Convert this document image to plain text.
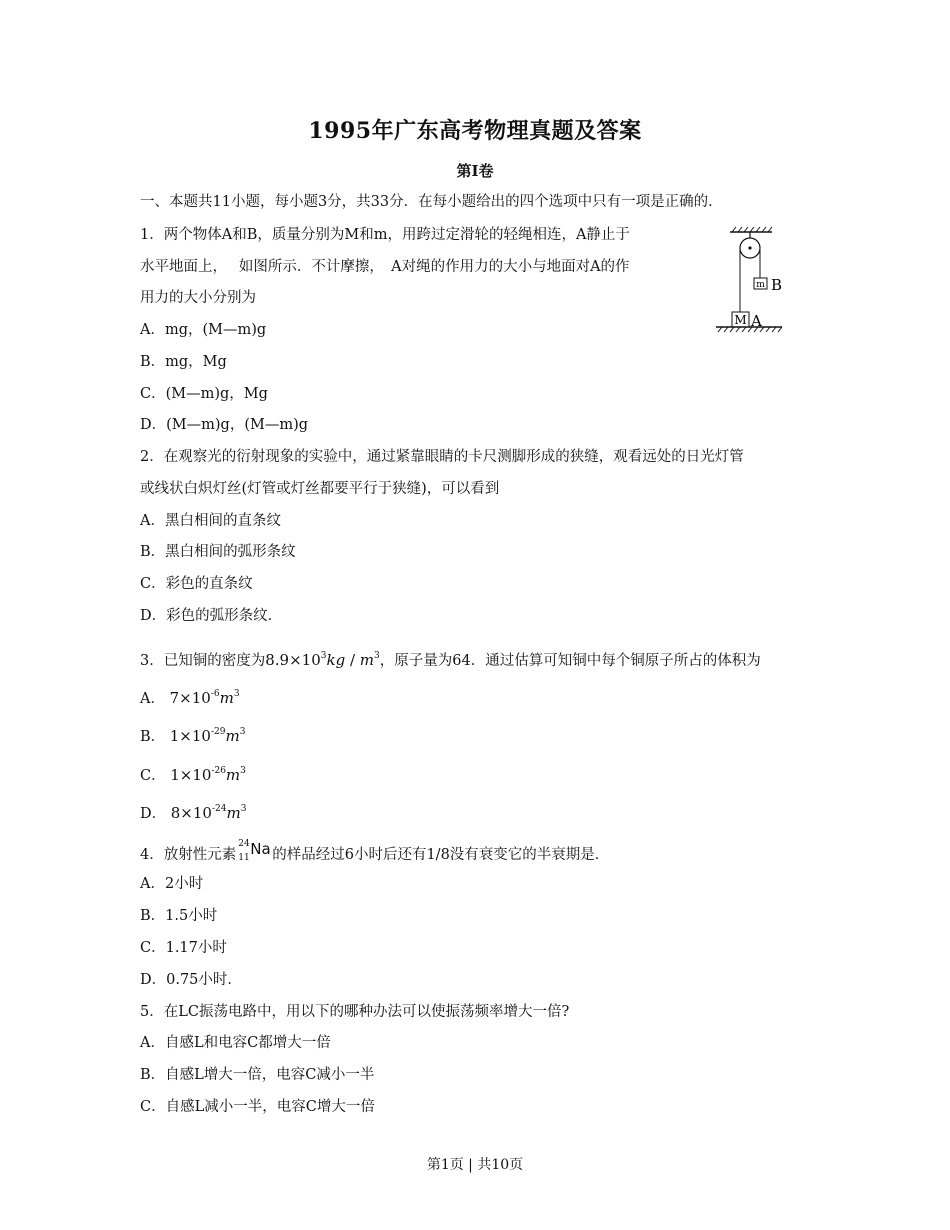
1995年广东高考物理真题及答案
第Ⅰ卷
一、本题共11小题，每小题3分，共33分．在每小题给出的四个选项中只有一项是正确的．
1．两个物体A和B，质量分别为M和m，用跨过定滑轮的轻绳相连，A静止于
水平地面上，　 如图所示．不计摩擦，　A对绳的作用力的大小与地面对A的作
用力的大小分别为
A．mg，(M—m)g
B．mg，Mg
C．(M—m)g，Mg
D．(M—m)g，(M—m)g
m B
M A
2．在观察光的衍射现象的实验中，通过紧靠眼睛的卡尺测脚形成的狭缝，观看远处的日光灯管
或线状白炽灯丝(灯管或灯丝都要平行于狭缝)，可以看到
A．黑白相间的直条纹
B．黑白相间的弧形条纹
C．彩色的直条纹
D．彩色的弧形条纹．
3．已知铜的密度为$8.9\times 10^3kg / m^3$，原子量为64．通过估算可知铜中每个铜原子所占的体积为
A． $7\times 10^{-6}m^3$
B． $1\times 10^{-29}m^3$
C． $1\times 10^{-26}m^3$
D． $8\times 10^{-24}m^3$
4．放射性元素
24
11 Na 的样品经过6小时后还有1/8没有衰变它的半衰期是．
A．2小时
B．1.5小时
C．1.17小时
D．0.75小时．
5．在LC振荡电路中，用以下的哪种办法可以使振荡频率增大一倍?
A．自感L和电容C都增大一倍
B．自感L增大一倍，电容C减小一半
C．自感L减小一半，电容C增大一倍
第1页 | 共10页
